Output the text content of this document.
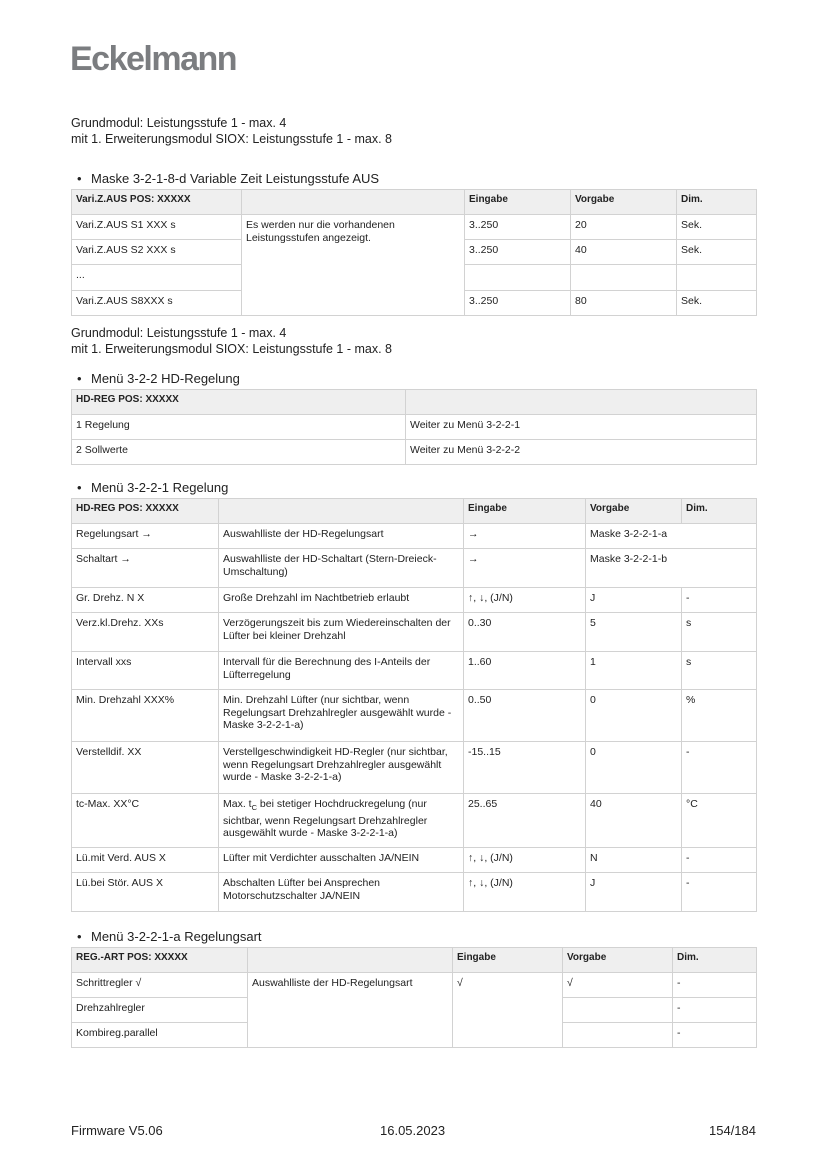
Eckelmann
Grundmodul: Leistungsstufe 1 - max. 4
mit 1. Erweiterungsmodul SIOX: Leistungsstufe 1 - max. 8
• Maske 3-2-1-8-d Variable Zeit Leistungsstufe AUS
Vari.Z.AUS POS: XXXXX		Eingabe	Vorgabe	Dim.
Vari.Z.AUS S1 XXX s	Es werden nur die vorhandenen Leistungsstufen angezeigt.	3..250	20	Sek.
Vari.Z.AUS S2 XXX s		3..250	40	Sek.
...				
Vari.Z.AUS S8XXX s		3..250	80	Sek.
Grundmodul: Leistungsstufe 1 - max. 4
mit 1. Erweiterungsmodul SIOX: Leistungsstufe 1 - max. 8
• Menü 3-2-2 HD-Regelung
HD-REG POS: XXXXX	
1 Regelung	Weiter zu Menü 3-2-2-1
2 Sollwerte	Weiter zu Menü 3-2-2-2
• Menü 3-2-2-1 Regelung
HD-REG POS: XXXXX		Eingabe	Vorgabe	Dim.
Regelungsart →	Auswahlliste der HD-Regelungsart	→	Maske 3-2-2-1-a	
Schaltart →	Auswahlliste der HD-Schaltart (Stern-Dreieck-Umschaltung)	→	Maske 3-2-2-1-b	
Gr. Drehz. N X	Große Drehzahl im Nachtbetrieb erlaubt	↑, ↓, (J/N)	J	-
Verz.kl.Drehz. XXs	Verzögerungszeit bis zum Wiedereinschalten der Lüfter bei kleiner Drehzahl	0..30	5	s
Intervall xxs	Intervall für die Berechnung des I-Anteils der Lüfterregelung	1..60	1	s
Min. Drehzahl XXX%	Min. Drehzahl Lüfter (nur sichtbar, wenn Regelungsart Drehzahlregler ausgewählt wurde - Maske 3-2-2-1-a)	0..50	0	%
Verstelldif. XX	Verstellgeschwindigkeit HD-Regler (nur sichtbar, wenn Regelungsart Drehzahlregler ausgewählt wurde - Maske 3-2-2-1-a)	-15..15	0	-
tc-Max. XX°C	Max. $t_C$ bei stetiger Hochdruckregelung (nur sichtbar, wenn Regelungsart Drehzahlregler ausgewählt wurde - Maske 3-2-2-1-a)	25..65	40	°C
Lü.mit Verd. AUS X	Lüfter mit Verdichter ausschalten JA/NEIN	↑, ↓, (J/N)	N	-
Lü.bei Stör. AUS X	Abschalten Lüfter bei Ansprechen Motorschutzschalter JA/NEIN	↑, ↓, (J/N)	J	-
• Menü 3-2-2-1-a Regelungsart
REG.-ART POS: XXXXX		Eingabe	Vorgabe	Dim.
Schrittregler √	Auswahlliste der HD-Regelungsart	√	√	-
Drehzahlregler				-
Kombireg.parallel				-
Firmware V5.06	16.05.2023	154/184
